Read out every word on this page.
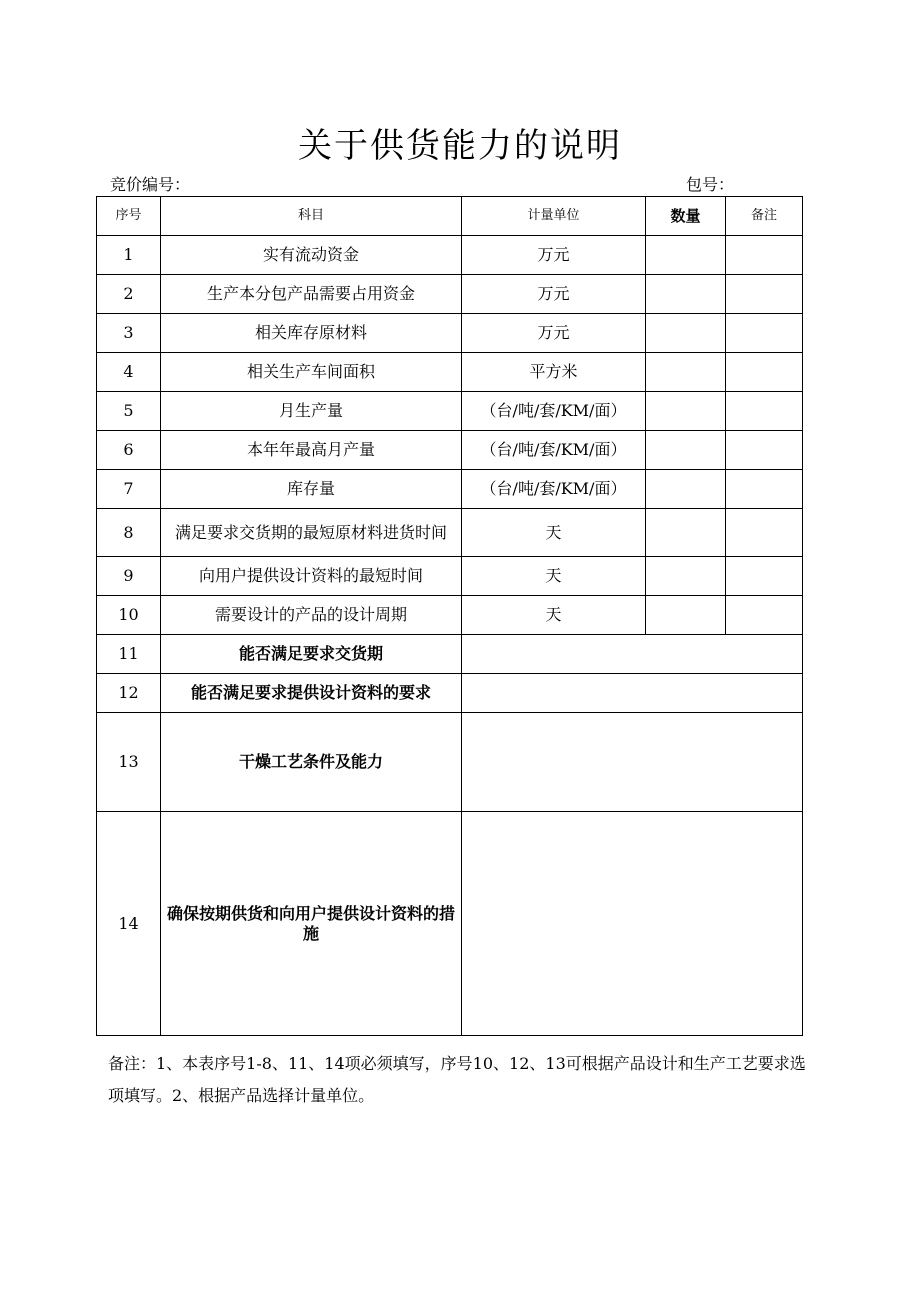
关于供货能力的说明
竞价编号：	包号：
序号	科目	计量单位	数量	备注
1	实有流动资金	万元		
2	生产本分包产品需要占用资金	万元		
3	相关库存原材料	万元		
4	相关生产车间面积	平方米		
5	月生产量	（台/吨/套/KM/面）		
6	本年年最高月产量	（台/吨/套/KM/面）		
7	库存量	（台/吨/套/KM/面）		
8	满足要求交货期的最短原材料进货时间	天		
9	向用户提供设计资料的最短时间	天		
10	需要设计的产品的设计周期	天		
11	能否满足要求交货期			
12	能否满足要求提供设计资料的要求			
13	干燥工艺条件及能力			
14	确保按期供货和向用户提供设计资料的措施			
备注：1、本表序号1-8、11、14项必须填写，序号10、12、13可根据产品设计和生产工艺要求选项填写。2、根据产品选择计量单位。
